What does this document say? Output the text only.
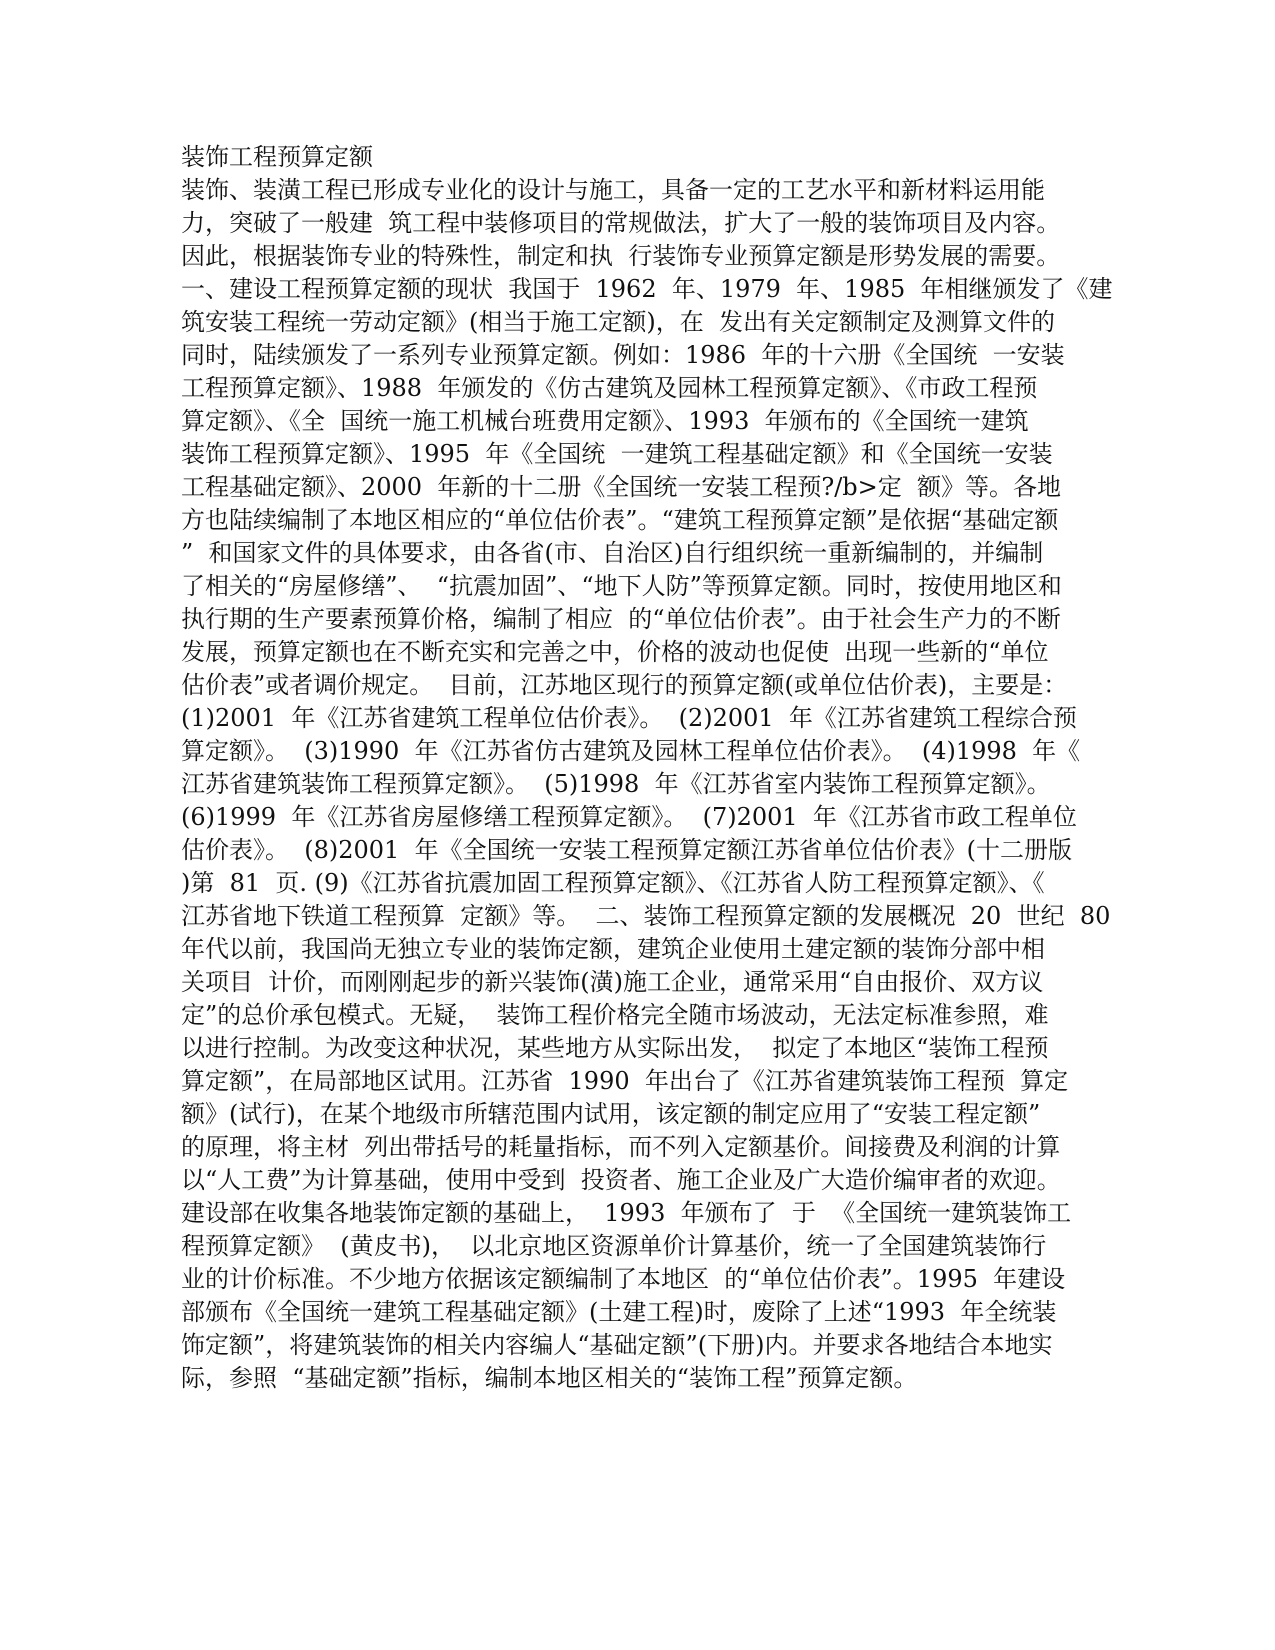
装饰工程预算定额
装饰、装潢工程已形成专业化的设计与施工，具备一定的工艺水平和新材料运用能
力，突破了一般建  筑工程中装修项目的常规做法，扩大了一般的装饰项目及内容。
因此，根据装饰专业的特殊性，制定和执  行装饰专业预算定额是形势发展的需要。
一、建设工程预算定额的现状  我国于  1962  年、1979  年、1985  年相继颁发了《建
筑安装工程统一劳动定额》(相当于施工定额)，在  发出有关定额制定及测算文件的
同时，陆续颁发了一系列专业预算定额。例如：1986  年的十六册《全国统  一安装
工程预算定额》、1988  年颁发的《仿古建筑及园林工程预算定额》、《市政工程预
算定额》、《全  国统一施工机械台班费用定额》、1993  年颁布的《全国统一建筑
装饰工程预算定额》、1995  年《全国统  一建筑工程基础定额》和《全国统一安装
工程基础定额》、2000  年新的十二册《全国统一安装工程预?/b>定  额》等。各地
方也陆续编制了本地区相应的“单位估价表”。“建筑工程预算定额”是依据“基础定额
”  和国家文件的具体要求，由各省(市、自治区)自行组织统一重新编制的，并编制
了相关的“房屋修缮”、  “抗震加固”、“地下人防”等预算定额。同时，按使用地区和
执行期的生产要素预算价格，编制了相应  的“单位估价表”。由于社会生产力的不断
发展，预算定额也在不断充实和完善之中，价格的波动也促使  出现一些新的“单位
估价表”或者调价规定。  目前，江苏地区现行的预算定额(或单位估价表)，主要是：
(1)2001  年《江苏省建筑工程单位估价表》。  (2)2001  年《江苏省建筑工程综合预
算定额》。  (3)1990  年《江苏省仿古建筑及园林工程单位估价表》。  (4)1998  年《
江苏省建筑装饰工程预算定额》。  (5)1998  年《江苏省室内装饰工程预算定额》。
(6)1999  年《江苏省房屋修缮工程预算定额》。  (7)2001  年《江苏省市政工程单位
估价表》。  (8)2001  年《全国统一安装工程预算定额江苏省单位估价表》(十二册版
)第  81  页. (9)《江苏省抗震加固工程预算定额》、《江苏省人防工程预算定额》、《
江苏省地下铁道工程预算  定额》等。  二、装饰工程预算定额的发展概况  20  世纪  80
年代以前，我国尚无独立专业的装饰定额，建筑企业使用土建定额的装饰分部中相
关项目  计价，而刚刚起步的新兴装饰(潢)施工企业，通常采用“自由报价、双方议
定”的总价承包模式。无疑，  装饰工程价格完全随市场波动，无法定标准参照，难
以进行控制。为改变这种状况，某些地方从实际出发，  拟定了本地区“装饰工程预
算定额”，在局部地区试用。江苏省  1990  年出台了《江苏省建筑装饰工程预  算定
额》(试行)，在某个地级市所辖范围内试用，该定额的制定应用了“安装工程定额”
的原理，将主材  列出带括号的耗量指标，而不列入定额基价。间接费及利润的计算
以“人工费”为计算基础，使用中受到  投资者、施工企业及广大造价编审者的欢迎。
建设部在收集各地装饰定额的基础上，  1993  年颁布了  于  《全国统一建筑装饰工
程预算定额》  (黄皮书)，  以北京地区资源单价计算基价，统一了全国建筑装饰行
业的计价标准。不少地方依据该定额编制了本地区  的“单位估价表”。1995  年建设
部颁布《全国统一建筑工程基础定额》(土建工程)时，废除了上述“1993  年全统装
饰定额”，将建筑装饰的相关内容编人“基础定额”(下册)内。并要求各地结合本地实
际，参照  “基础定额”指标，编制本地区相关的“装饰工程”预算定额。
